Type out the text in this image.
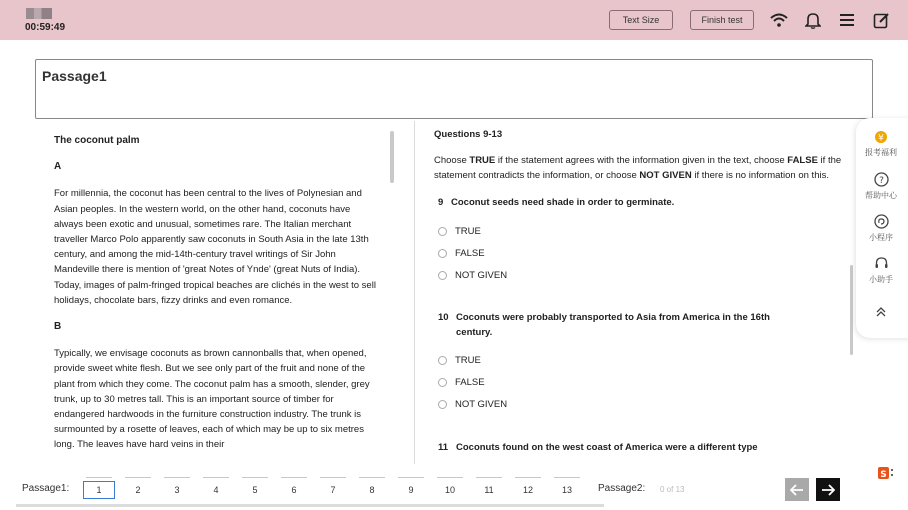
00:59:49
Text Size	Finish test
Passage1
The coconut palm
A

For millennia, the coconut has been central to the lives of Polynesian and Asian peoples. In the western world, on the other hand, coconuts have always been exotic and unusual, sometimes rare. The Italian merchant traveller Marco Polo apparently saw coconuts in South Asia in the late 13th century, and among the mid-14th-century travel writings of Sir John Mandeville there is mention of 'great Notes of Ynde' (great Nuts of India). Today, images of palm-fringed tropical beaches are clichés in the west to sell holidays, chocolate bars, fizzy drinks and even romance.

B

Typically, we envisage coconuts as brown cannonballs that, when opened, provide sweet white flesh. But we see only part of the fruit and none of the plant from which they come. The coconut palm has a smooth, slender, grey trunk, up to 30 metres tall. This is an important source of timber for endangered hardwoods in the furniture construction industry. The trunk is surmounted by a rosette of leaves, each of which may be up to six metres long. The leaves have hard veins in their

Questions 9-13
Choose TRUE if the statement agrees with the information given in the text, choose FALSE if the statement contradicts the information, or choose NOT GIVEN if there is no information on this.
9 Coconut seeds need shade in order to germinate.
TRUE
FALSE
NOT GIVEN
10 Coconuts were probably transported to Asia from America in the 16th century.
TRUE
FALSE
NOT GIVEN
11 Coconuts found on the west coast of America were a different type
¥
报考福利
?
帮助中心
小程序
小助手
Passage1:	1	2	3	4	5	6	7	8	9	10	11	12	13	Passage2: 0 of 13
S
